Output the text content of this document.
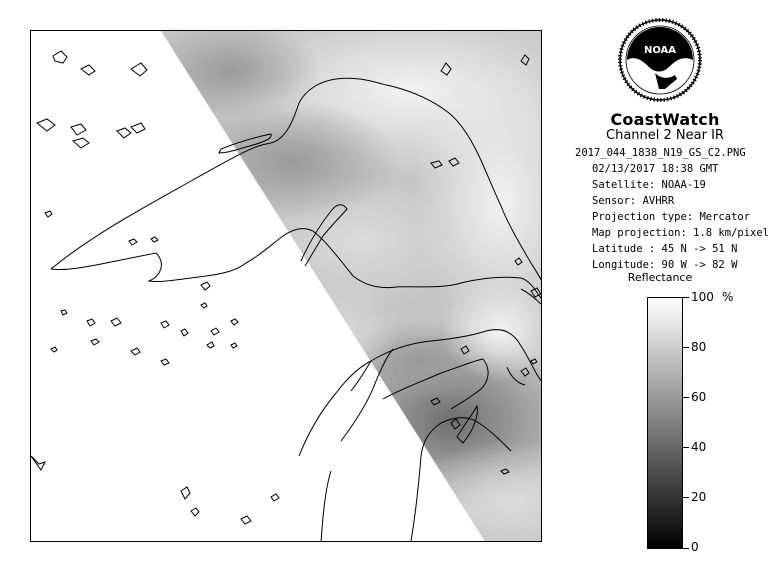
NOAA
CoastWatch
Channel 2 Near IR
2017_044_1838_N19_GS_C2.PNG
02/13/2017 18:38 GMT
Satellite: NOAA-19
Sensor: AVHRR
Projection type: Mercator
Map projection: 1.8 km/pixel
Latitude : 45 N -> 51 N
Longitude: 90 W -> 82 W
Reflectance
%
100
80
60
40
20
0
